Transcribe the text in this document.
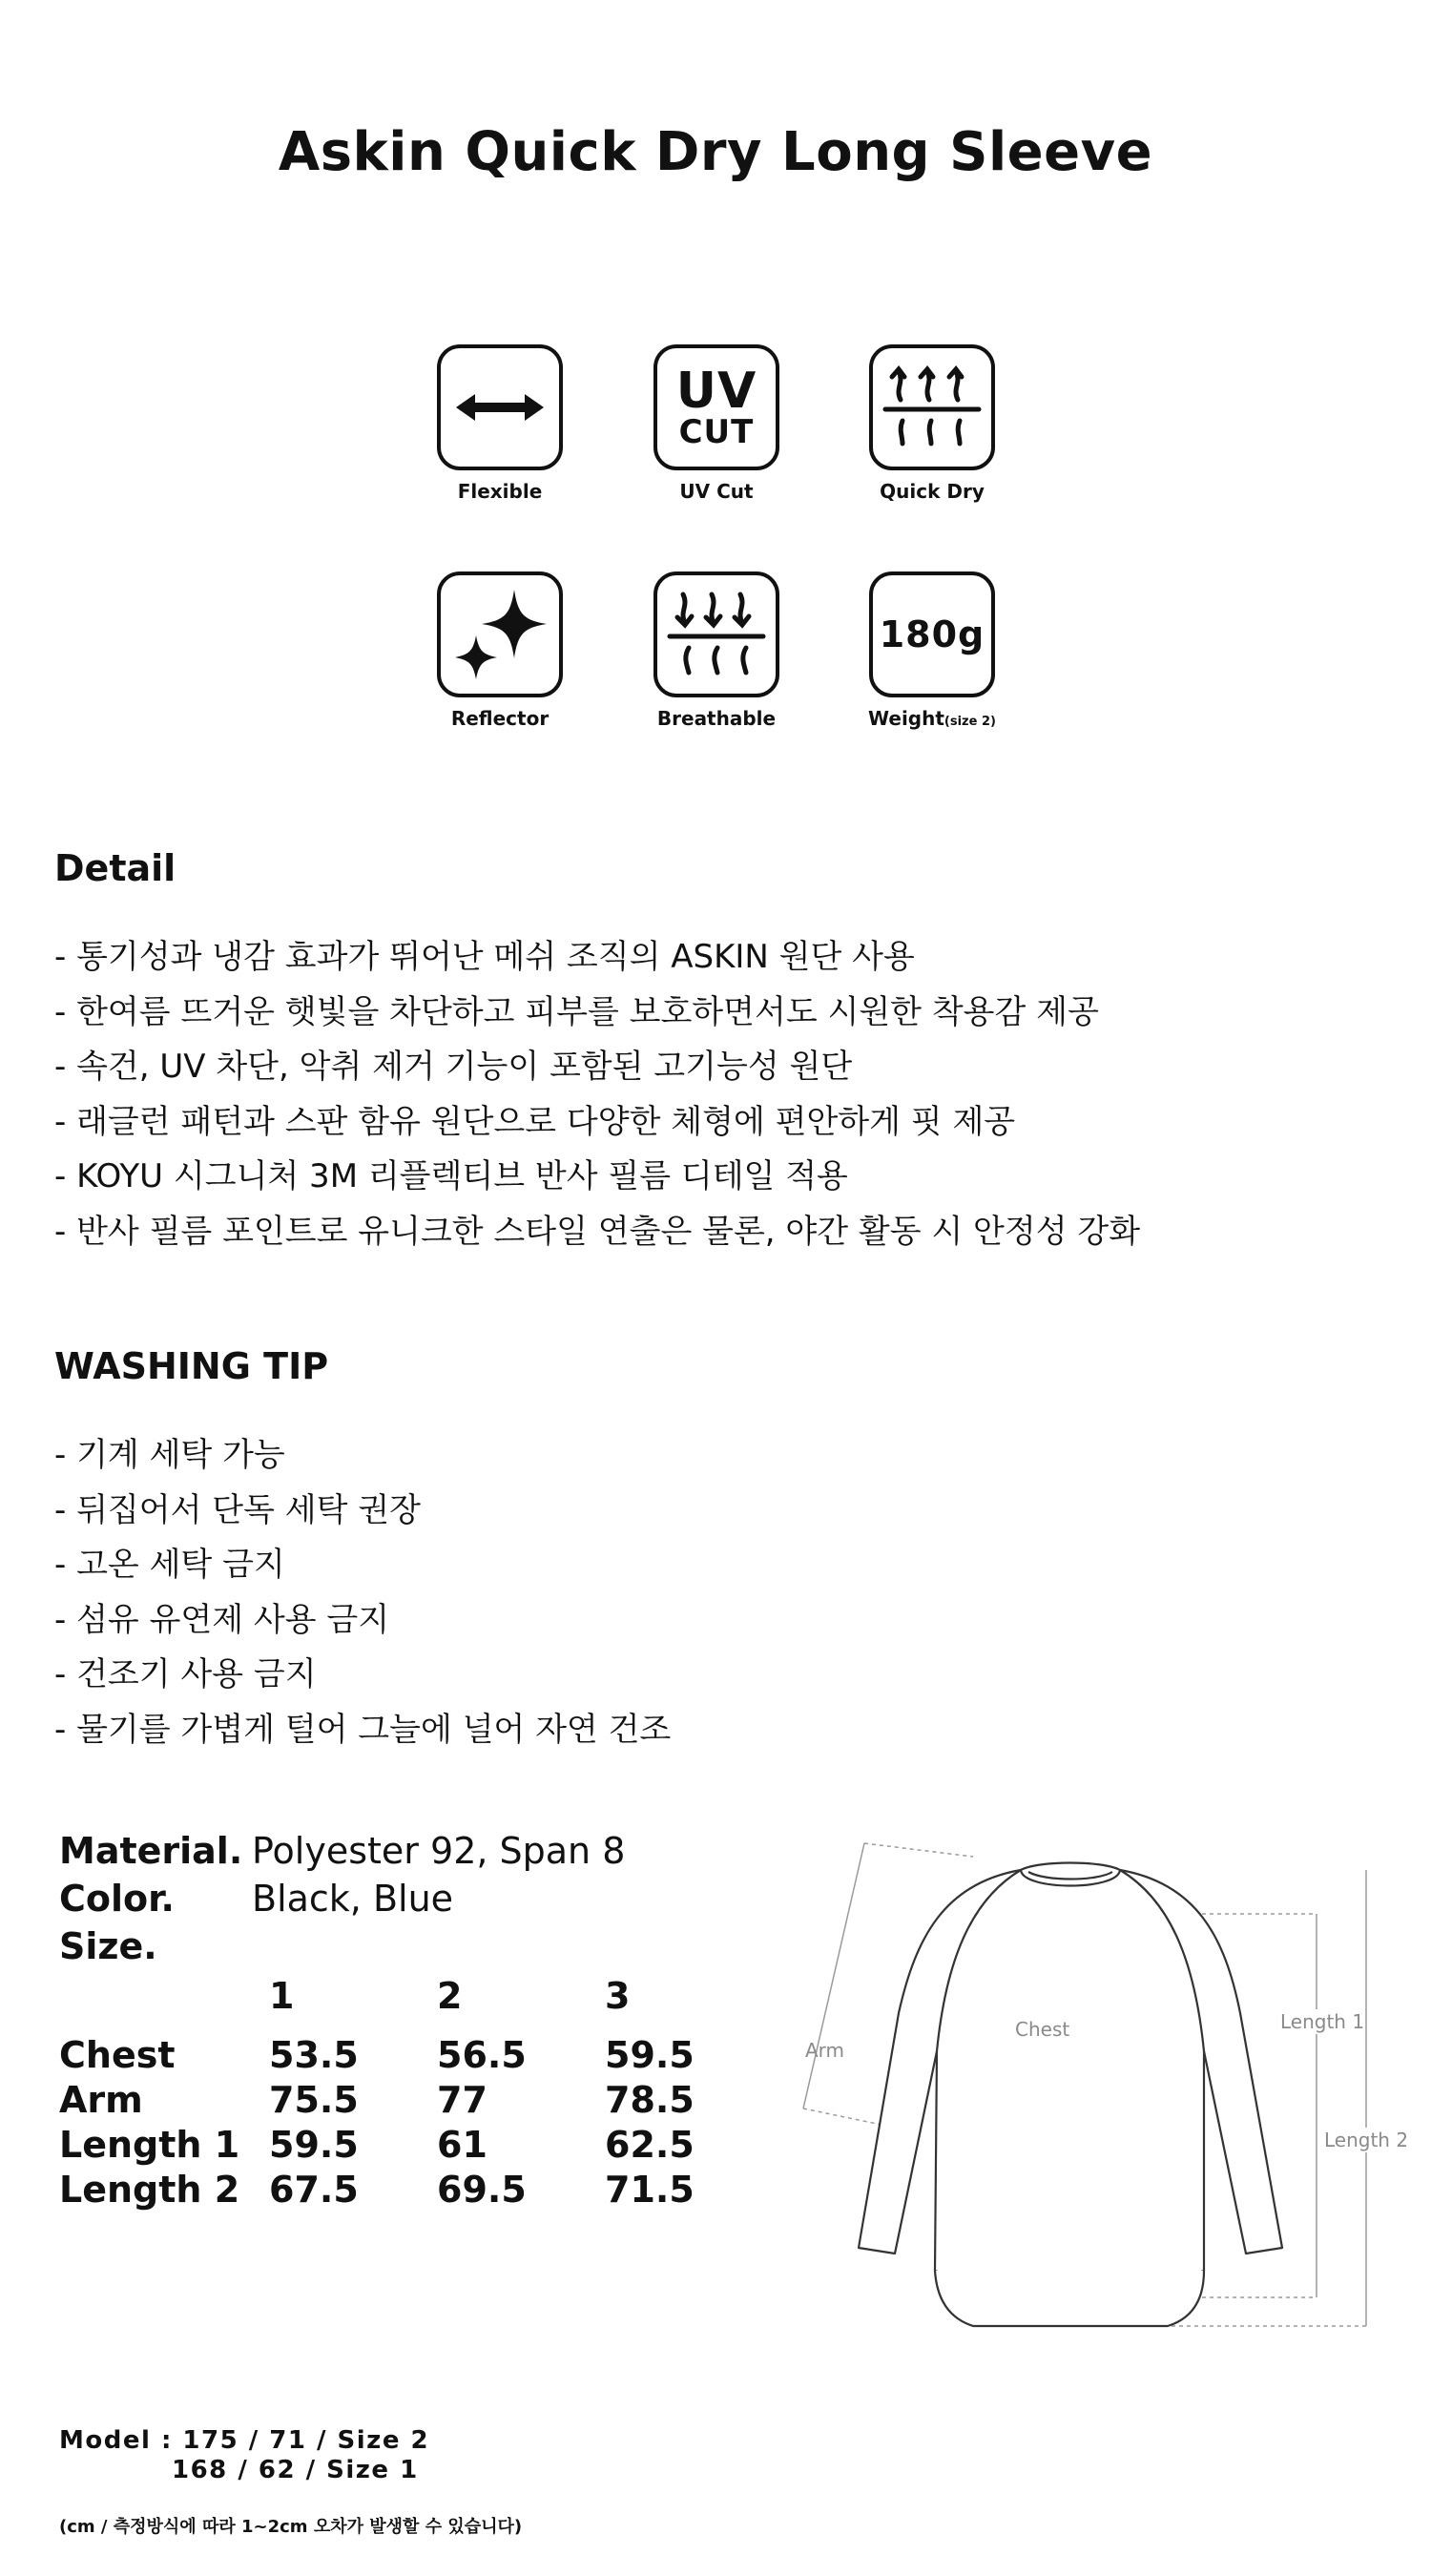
Askin Quick Dry Long Sleeve
Flexible
UV
CUT
UV Cut	Quick Dry
Reflector	Breathable
180g
Weight(size 2)
Detail
- 통기성과 냉감 효과가 뛰어난 메쉬 조직의 ASKIN 원단 사용
- 한여름 뜨거운 햇빛을 차단하고 피부를 보호하면서도 시원한 착용감 제공
- 속건, UV 차단, 악취 제거 기능이 포함된 고기능성 원단
- 래글런 패턴과 스판 함유 원단으로 다양한 체형에 편안하게 핏 제공
- KOYU 시그니처 3M 리플렉티브 반사 필름 디테일 적용
- 반사 필름 포인트로 유니크한 스타일 연출은 물론, 야간 활동 시 안정성 강화
WASHING TIP
- 기계 세탁 가능
- 뒤집어서 단독 세탁 권장
- 고온 세탁 금지
- 섬유 유연제 사용 금지
- 건조기 사용 금지
- 물기를 가볍게 털어 그늘에 널어 자연 건조
Material. Polyester 92, Span 8
Color. Black, Blue
Size.
1	2	3
Chest	53.5 56.5 59.5
Arm	75.5 77	78.5
Length 1 59.5 61	62.5
Length 2 67.5 69.5 71.5
Arm
Chest	Length 1
Length 2
Model : 175 / 71 / Size 2
168 / 62 / Size 1
(cm / 측정방식에 따라 1~2cm 오차가 발생할 수 있습니다)
